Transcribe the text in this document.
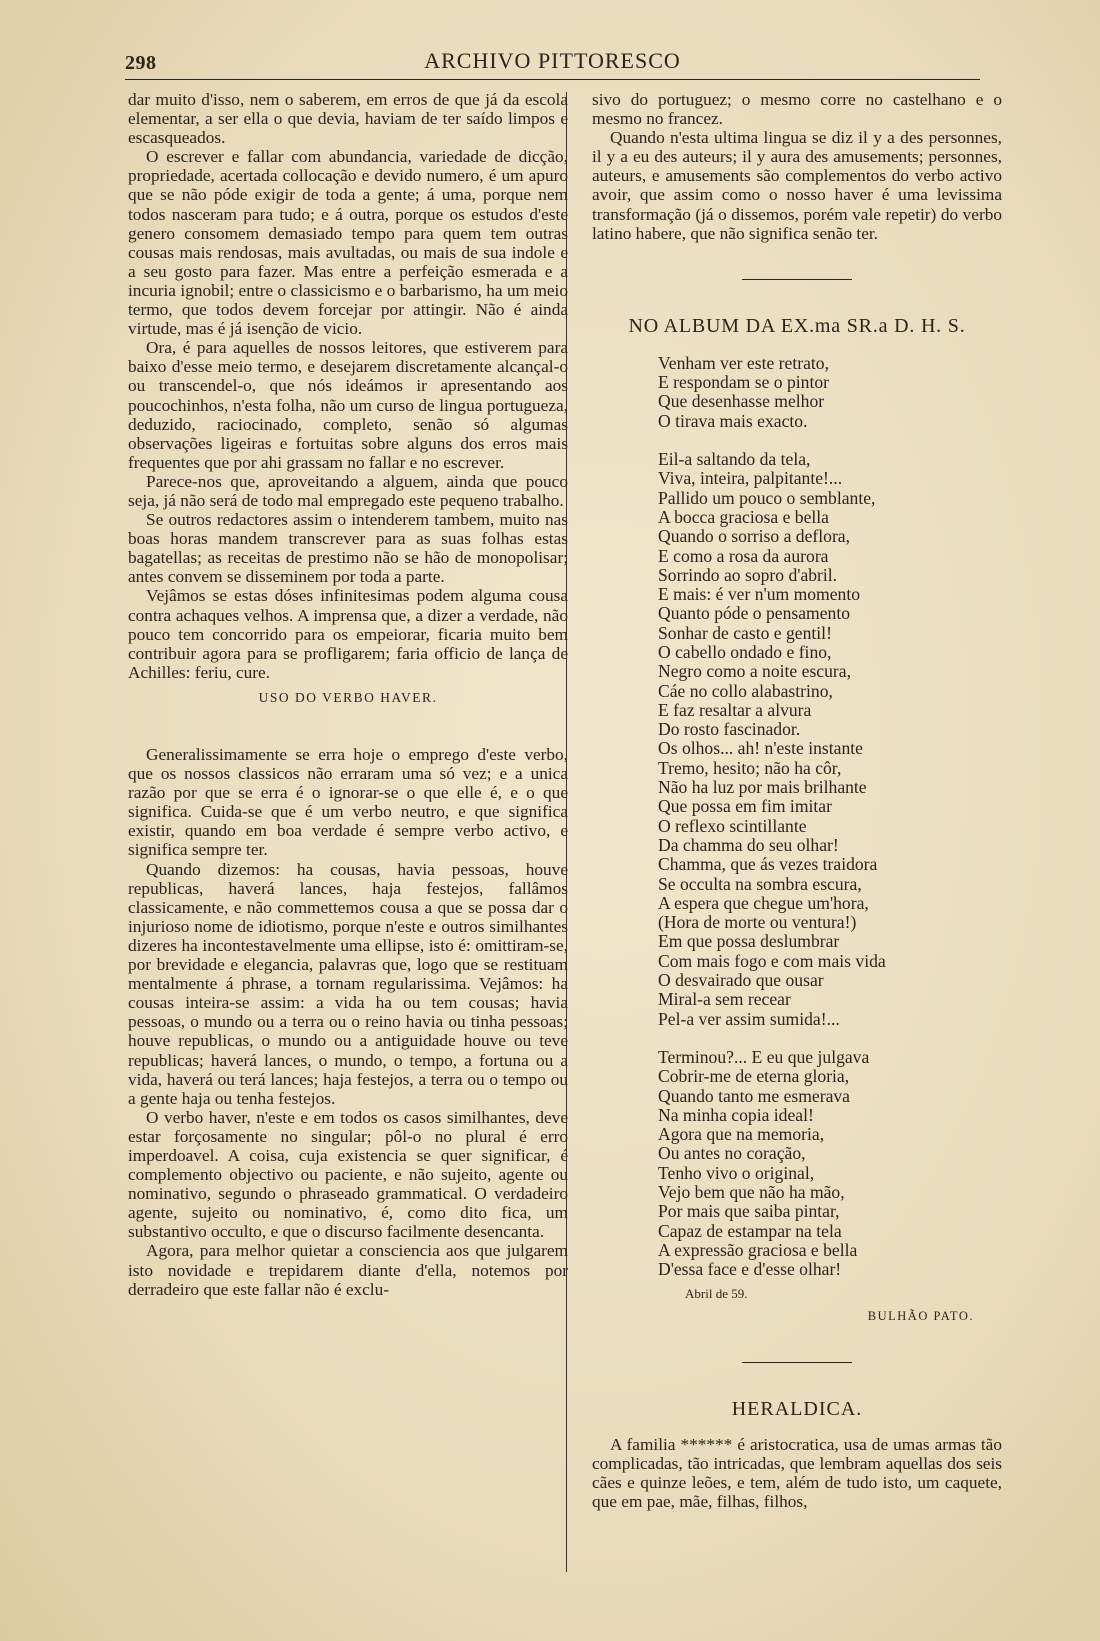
298	ARCHIVO PITTORESCO

dar muito d'isso, nem o saberem, em erros de que já da escola elementar, a ser ella o que devia, haviam de ter saído limpos e escasqueados.

O escrever e fallar com abundancia, variedade de dicção, propriedade, acertada collocação e devido numero, é um apuro que se não póde exigir de toda a gente; á uma, porque nem todos nasceram para tudo; e á outra, porque os estudos d'este genero consomem demasiado tempo para quem tem outras cousas mais rendosas, mais avultadas, ou mais de sua indole e a seu gosto para fazer. Mas entre a perfeição esmerada e a incuria ignobil; entre o classicismo e o barbarismo, ha um meio termo, que todos devem forcejar por attingir. Não é ainda virtude, mas é já isenção de vicio.

Ora, é para aquelles de nossos leitores, que estiverem para baixo d'esse meio termo, e desejarem discretamente alcançal-o ou transcendel-o, que nós ideámos ir apresentando aos poucochinhos, n'esta folha, não um curso de lingua portugueza, deduzido, raciocinado, completo, senão só algumas observações ligeiras e fortuitas sobre alguns dos erros mais frequentes que por ahi grassam no fallar e no escrever.

Parece-nos que, aproveitando a alguem, ainda que pouco seja, já não será de todo mal empregado este pequeno trabalho.

Se outros redactores assim o intenderem tambem, muito nas boas horas mandem transcrever para as suas folhas estas bagatellas; as receitas de prestimo não se hão de monopolisar; antes convem se disseminem por toda a parte.

Vejâmos se estas dóses infinitesimas podem alguma cousa contra achaques velhos. A imprensa que, a dizer a verdade, não pouco tem concorrido para os empeiorar, ficaria muito bem contribuir agora para se profligarem; faria officio de lança de Achilles: feriu, cure.

USO DO VERBO HAVER.

Generalissimamente se erra hoje o emprego d'este verbo, que os nossos classicos não erraram uma só vez; e a unica razão por que se erra é o ignorar-se o que elle é, e o que significa. Cuida-se que é um verbo neutro, e que significa existir, quando em boa verdade é sempre verbo activo, e significa sempre ter.

Quando dizemos: ha cousas, havia pessoas, houve republicas, haverá lances, haja festejos, fallâmos classicamente, e não commettemos cousa a que se possa dar o injurioso nome de idiotismo, porque n'este e outros similhantes dizeres ha incontestavelmente uma ellipse, isto é: omittiram-se, por brevidade e elegancia, palavras que, logo que se restituam mentalmente á phrase, a tornam regularissima. Vejâmos: ha cousas inteira-se assim: a vida ha ou tem cousas; havia pessoas, o mundo ou a terra ou o reino havia ou tinha pessoas; houve republicas, o mundo ou a antiguidade houve ou teve republicas; haverá lances, o mundo, o tempo, a fortuna ou a vida, haverá ou terá lances; haja festejos, a terra ou o tempo ou a gente haja ou tenha festejos.

O verbo haver, n'este e em todos os casos similhantes, deve estar forçosamente no singular; pôl-o no plural é erro imperdoavel. A coisa, cuja existencia se quer significar, é complemento objectivo ou paciente, e não sujeito, agente ou nominativo, segundo o phraseado grammatical. O verdadeiro agente, sujeito ou nominativo, é, como dito fica, um substantivo occulto, e que o discurso facilmente desencanta.

Agora, para melhor quietar a consciencia aos que julgarem isto novidade e trepidarem diante d'ella, notemos por derradeiro que este fallar não é exclu-

sivo do portuguez; o mesmo corre no castelhano e o mesmo no francez.

Quando n'esta ultima lingua se diz il y a des personnes, il y a eu des auteurs; il y aura des amusements; personnes, auteurs, e amusements são complementos do verbo activo avoir, que assim como o nosso haver é uma levissima transformação (já o dissemos, porém vale repetir) do verbo latino habere, que não significa senão ter.

NO ALBUM DA EX.ma SR.a D. H. S.
Venham ver este retrato,
E respondam se o pintor
Que desenhasse melhor
O tirava mais exacto.
Eil-a saltando da tela,
Viva, inteira, palpitante!...
Pallido um pouco o semblante,
A bocca graciosa e bella
Quando o sorriso a deflora,
E como a rosa da aurora
Sorrindo ao sopro d'abril.
E mais: é ver n'um momento
Quanto póde o pensamento
Sonhar de casto e gentil!
O cabello ondado e fino,
Negro como a noite escura,
Cáe no collo alabastrino,
E faz resaltar a alvura
Do rosto fascinador.
Os olhos... ah! n'este instante
Tremo, hesito; não ha côr,
Não ha luz por mais brilhante
Que possa em fim imitar
O reflexo scintillante
Da chamma do seu olhar!
Chamma, que ás vezes traidora
Se occulta na sombra escura,
A espera que chegue um'hora,
(Hora de morte ou ventura!)
Em que possa deslumbrar
Com mais fogo e com mais vida
O desvairado que ousar
Miral-a sem recear
Pel-a ver assim sumida!...
Terminou?... E eu que julgava
Cobrir-me de eterna gloria,
Quando tanto me esmerava
Na minha copia ideal!
Agora que na memoria,
Ou antes no coração,
Tenho vivo o original,
Vejo bem que não ha mão,
Por mais que saiba pintar,
Capaz de estampar na tela
A expressão graciosa e bella
D'essa face e d'esse olhar!
Abril de 59.
BULHÃO PATO.
HERALDICA.

A familia ****** é aristocratica, usa de umas armas tão complicadas, tão intricadas, que lembram aquellas dos seis cães e quinze leões, e tem, além de tudo isto, um caquete, que em pae, mãe, filhas, filhos,
